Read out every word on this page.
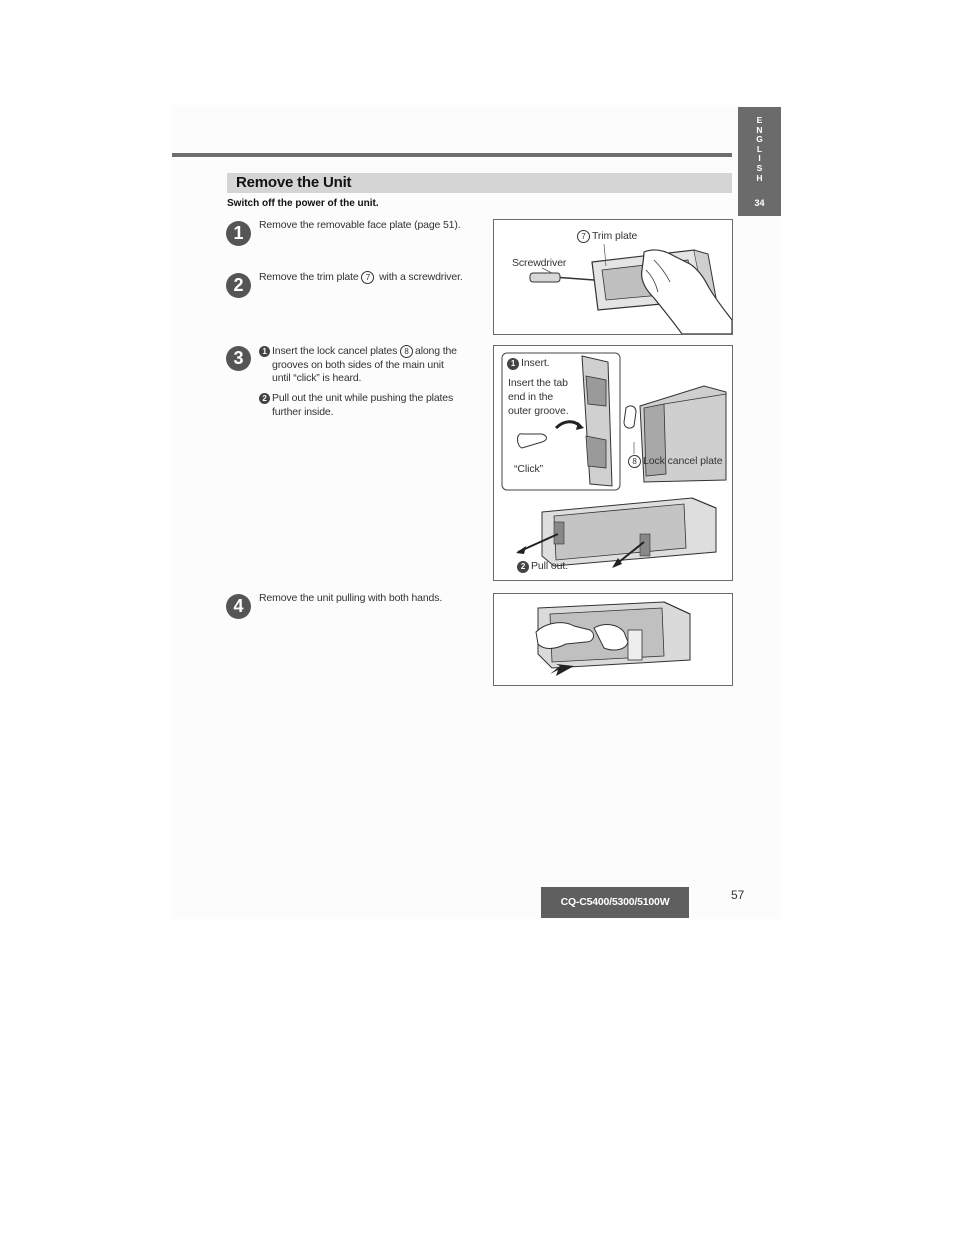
E
N
G
L
I
S
H
34
Remove the Unit
Switch off the power of the unit.
1	Remove the removable face plate (page 51).
2	Remove the trim plate 7 with a screwdriver.
3	1 Insert the lock cancel plates 8 along the
grooves on both sides of the main unit
until “click” is heard.
2 Pull out the unit while pushing the plates
further inside.
4	Remove the unit pulling with both hands.
7 Trim plate
Screwdriver
1 Insert.
Insert the tab
end in the
outer groove.
“Click”
8 Lock cancel plate
2 Pull out.
CQ-C5400/5300/5100W	57
